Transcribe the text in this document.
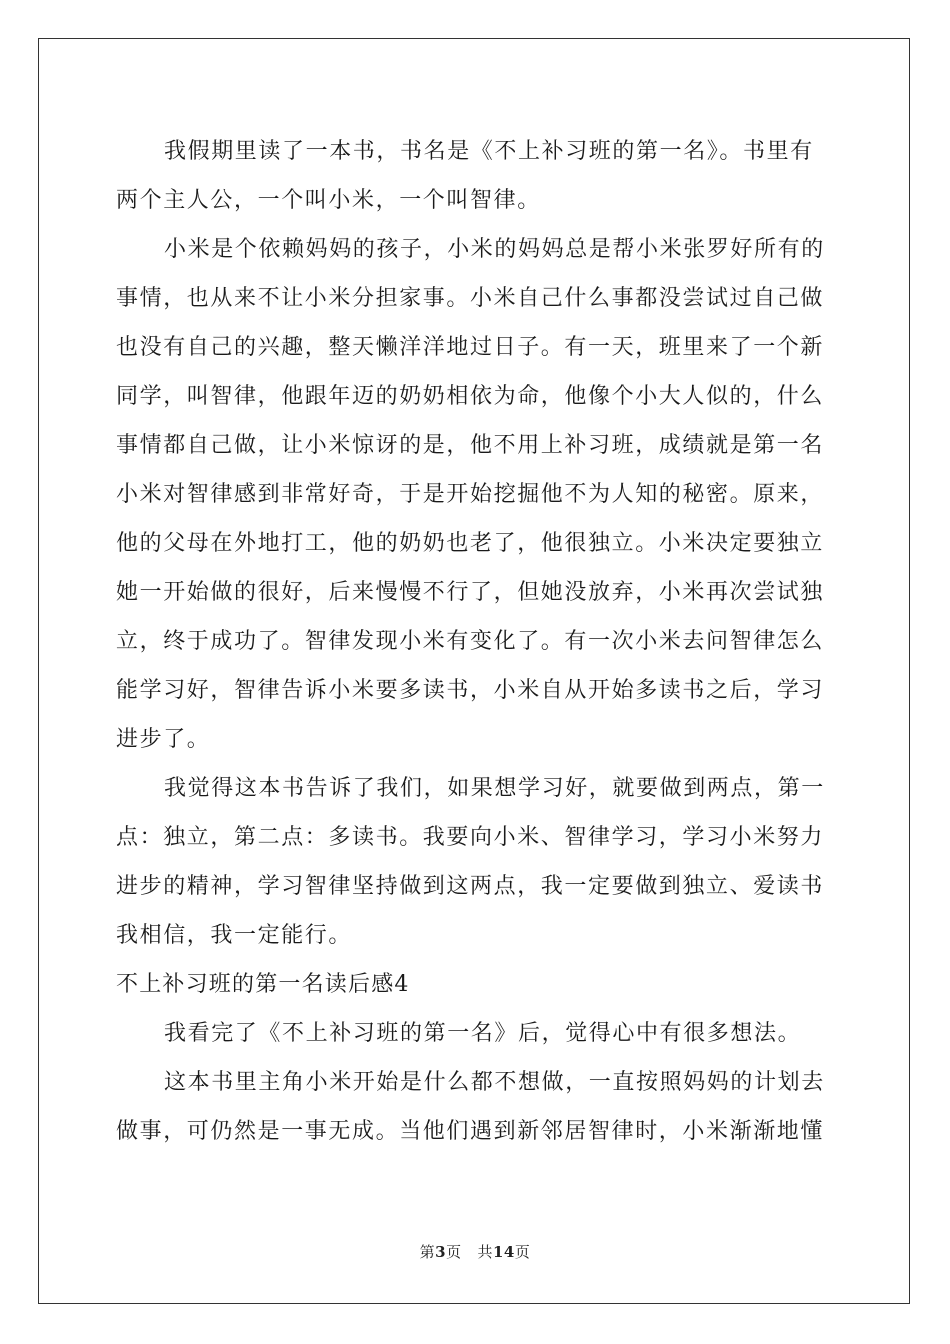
我假期里读了一本书，书名是《不上补习班的第一名》。书里有
两个主人公，一个叫小米，一个叫智律。
小米是个依赖妈妈的孩子，小米的妈妈总是帮小米张罗好所有的
事情，也从来不让小米分担家事。小米自己什么事都没尝试过自己做
也没有自己的兴趣，整天懒洋洋地过日子。有一天，班里来了一个新
同学，叫智律，他跟年迈的奶奶相依为命，他像个小大人似的，什么
事情都自己做，让小米惊讶的是，他不用上补习班，成绩就是第一名
小米对智律感到非常好奇，于是开始挖掘他不为人知的秘密。原来，
他的父母在外地打工，他的奶奶也老了，他很独立。小米决定要独立
她一开始做的很好，后来慢慢不行了，但她没放弃，小米再次尝试独
立，终于成功了。智律发现小米有变化了。有一次小米去问智律怎么
能学习好，智律告诉小米要多读书，小米自从开始多读书之后，学习
进步了。
我觉得这本书告诉了我们，如果想学习好，就要做到两点，第一
点：独立，第二点：多读书。我要向小米、智律学习，学习小米努力
进步的精神，学习智律坚持做到这两点，我一定要做到独立、爱读书
我相信，我一定能行。
不上补习班的第一名读后感4
我看完了《不上补习班的第一名》后，觉得心中有很多想法。
这本书里主角小米开始是什么都不想做，一直按照妈妈的计划去
做事，可仍然是一事无成。当他们遇到新邻居智律时，小米渐渐地懂
第3页 共14页
